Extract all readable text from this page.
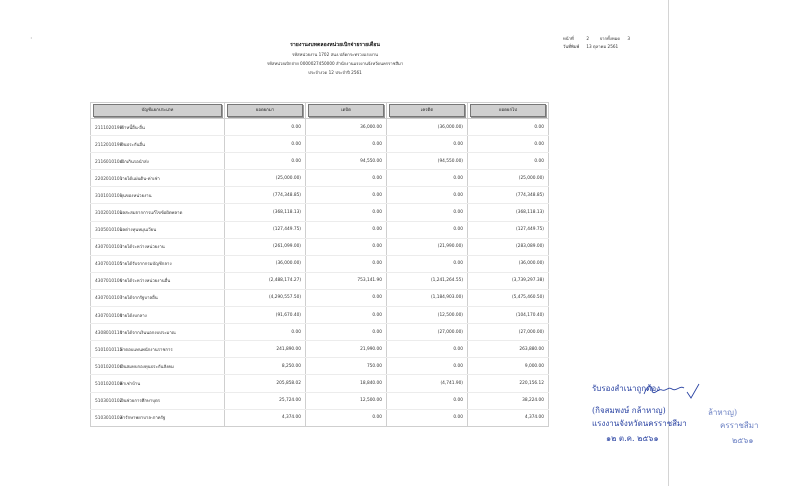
·
รายงานงบทดลองหน่วยเบิกจ่ายรายเดือน
รหัสหน่วยงาน 1702 สนง.ปลัดกระทรวงแรงงาน
รหัสหน่วยเบิกจ่าย 0000027450000 สำนักงานแรงงานจังหวัดนครราชสีมา
ประจำงวด 12 ประจำปี 2561
หน้าที่	2	จากทั้งหมด 3
วันที่พิมพ์ 13 ตุลาคม 2561
บัญชีแยกประเภท	ยอดยกมา	เดบิต	เครดิต	ยอดยกไป

2111020199เจ้าหนี้อื่น-อื่น	0.00	36,000.00	(36,000.00)	0.00
2112010199เงินประกันอื่น	0.00	0.00	0.00	0.00
2116010104เบิกเกินรอนำส่ง	0.00	94,550.00	(94,550.00)	0.00
2202010101รายได้แผ่นดิน-ค่าเช่า	(25,000.00)	0.00	0.00	(25,000.00)
3101010101ทุนของหน่วยงาน	(774,348.85)	0.00	0.00	(774,348.85)
3102010101ผลสะสมจากการแก้ไขข้อผิดพลาด	(368,118.13)	0.00	0.00	(368,118.13)
3105010101ผลต่างทุนหมุนเวียน	(127,449.75)	0.00	0.00	(127,449.75)
4307010103รายได้ระหว่างหน่วยงาน	(261,099.00)	0.00	(21,990.00)	(283,089.00)
4307010105รายได้รับจากกรมบัญชีกลาง	(36,000.00)	0.00	0.00	(36,000.00)
4307010106รายได้ระหว่างหน่วยงานอื่น	(2,488,174.27)	753,141.90	(1,241,264.55)	(3,739,297.38)
4307010107รายได้จากรัฐบาลอื่น	(4,290,557.50)	0.00	(1,184,903.00)	(5,475,460.50)
4307010108รายได้งบกลาง	(91,670.40)	0.00	(12,500.00)	(104,170.40)
4308010110รายได้จากเงินนอกงบประมาณ	0.00	0.00	(27,000.00)	(27,000.00)
5101010115ค่าตอบแทนพนักงานราชการ	241,890.00	21,990.00	0.00	263,880.00
5101020106เงินสมทบกองทุนประกันสังคม	8,250.00	750.00	0.00	9,000.00
5101020108ค่าเช่าบ้าน	205,858.02	18,840.00	(4,741.90)	220,156.12
5103010102เงินช่วยการศึกษาบุตร	25,724.00	12,500.00	0.00	38,224.00
5103010103ค่ารักษาพยาบาล-ภาครัฐ	4,374.00	0.00	0.00	4,374.00
รับรองสำเนาถูกต้อง
(กิจสมพงษ์ กล้าหาญ)
แรงงานจังหวัดนครราชสีมา
๑๒ ต.ค. ๒๕๖๑
ล้าหาญ)
ครราชสีมา
๒๕๖๑
